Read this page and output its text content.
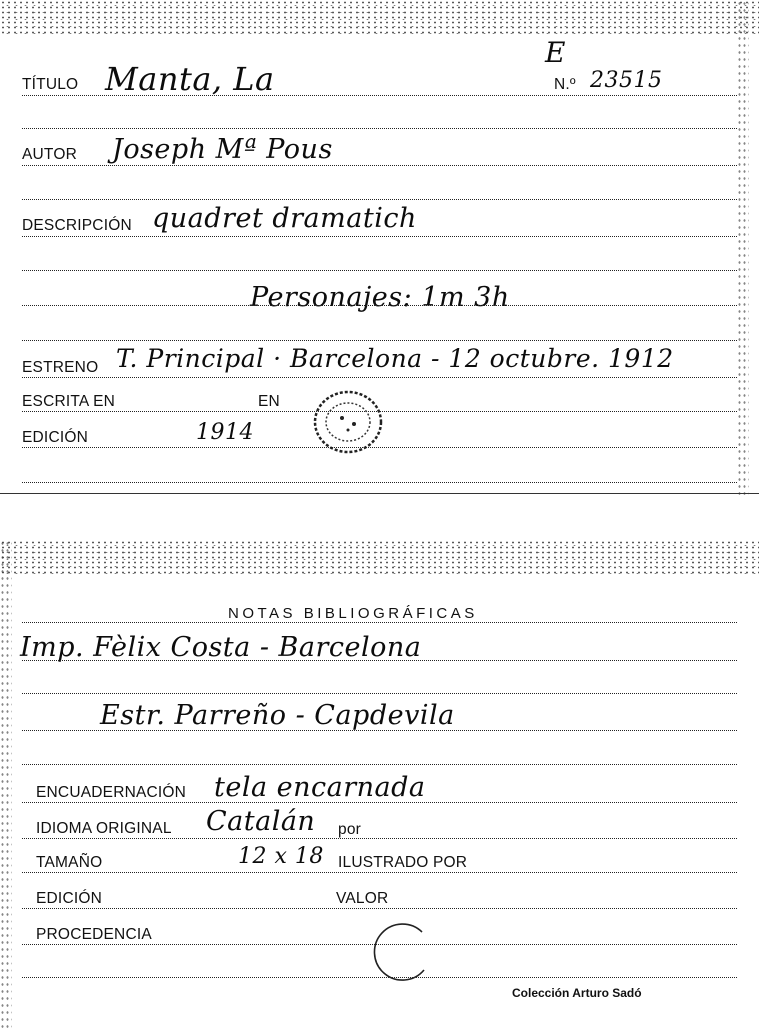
E
TÍTULO Manta, La	N.º 23515
AUTOR Joseph Mª Pous
DESCRIPCIÓN quadret dramatich
Personajes: 1m 3h
ESTRENO T. Principal · Barcelona - 12 octubre. 1912
ESCRITA EN	EN
EDICIÓN	1914
NOTAS BIBLIOGRÁFICAS
Imp. Fèlix Costa - Barcelona
Estr. Parreño - Capdevila
ENCUADERNACIÓN tela encarnada
IDIOMA ORIGINAL Catalán por
TAMAÑO	12 x 18 ILUSTRADO POR
EDICIÓN	VALOR
PROCEDENCIA
Colección Arturo Sadó
